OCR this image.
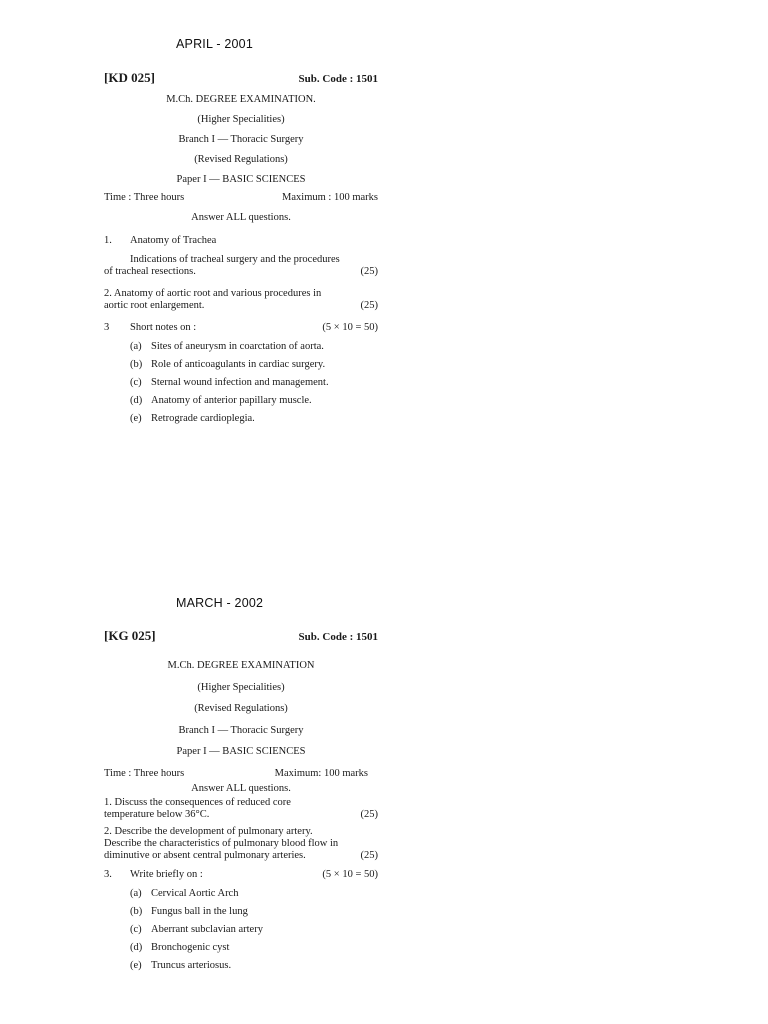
APRIL - 2001
[KD 025]	Sub. Code : 1501
M.Ch. DEGREE EXAMINATION.
(Higher Specialities)
Branch I — Thoracic Surgery
(Revised Regulations)
Paper I — BASIC SCIENCES
Time : Three hours	Maximum : 100 marks
Answer ALL questions.
1. Anatomy of Trachea
Indications of tracheal surgery and the procedures
of tracheal resections.	(25)
2. Anatomy of aortic root and various procedures in
aortic root enlargement.	(25)
3 Short notes on :	(5 × 10 = 50)
(a) Sites of aneurysm in coarctation of aorta.
(b) Role of anticoagulants in cardiac surgery.
(c) Sternal wound infection and management.
(d) Anatomy of anterior papillary muscle.
(e) Retrograde cardioplegia.
MARCH - 2002
[KG 025]	Sub. Code : 1501
M.Ch. DEGREE EXAMINATION
(Higher Specialities)
(Revised Regulations)
Branch I — Thoracic Surgery
Paper I — BASIC SCIENCES
Time : Three hours	Maximum: 100 marks
Answer ALL questions.
1. Discuss the consequences of reduced core
temperature below 36°C.	(25)
2. Describe the development of pulmonary artery.
Describe the characteristics of pulmonary blood flow in
diminutive or absent central pulmonary arteries.	(25)
3. Write briefly on :	(5 × 10 = 50)
(a) Cervical Aortic Arch
(b) Fungus ball in the lung
(c) Aberrant subclavian artery
(d) Bronchogenic cyst
(e) Truncus arteriosus.
